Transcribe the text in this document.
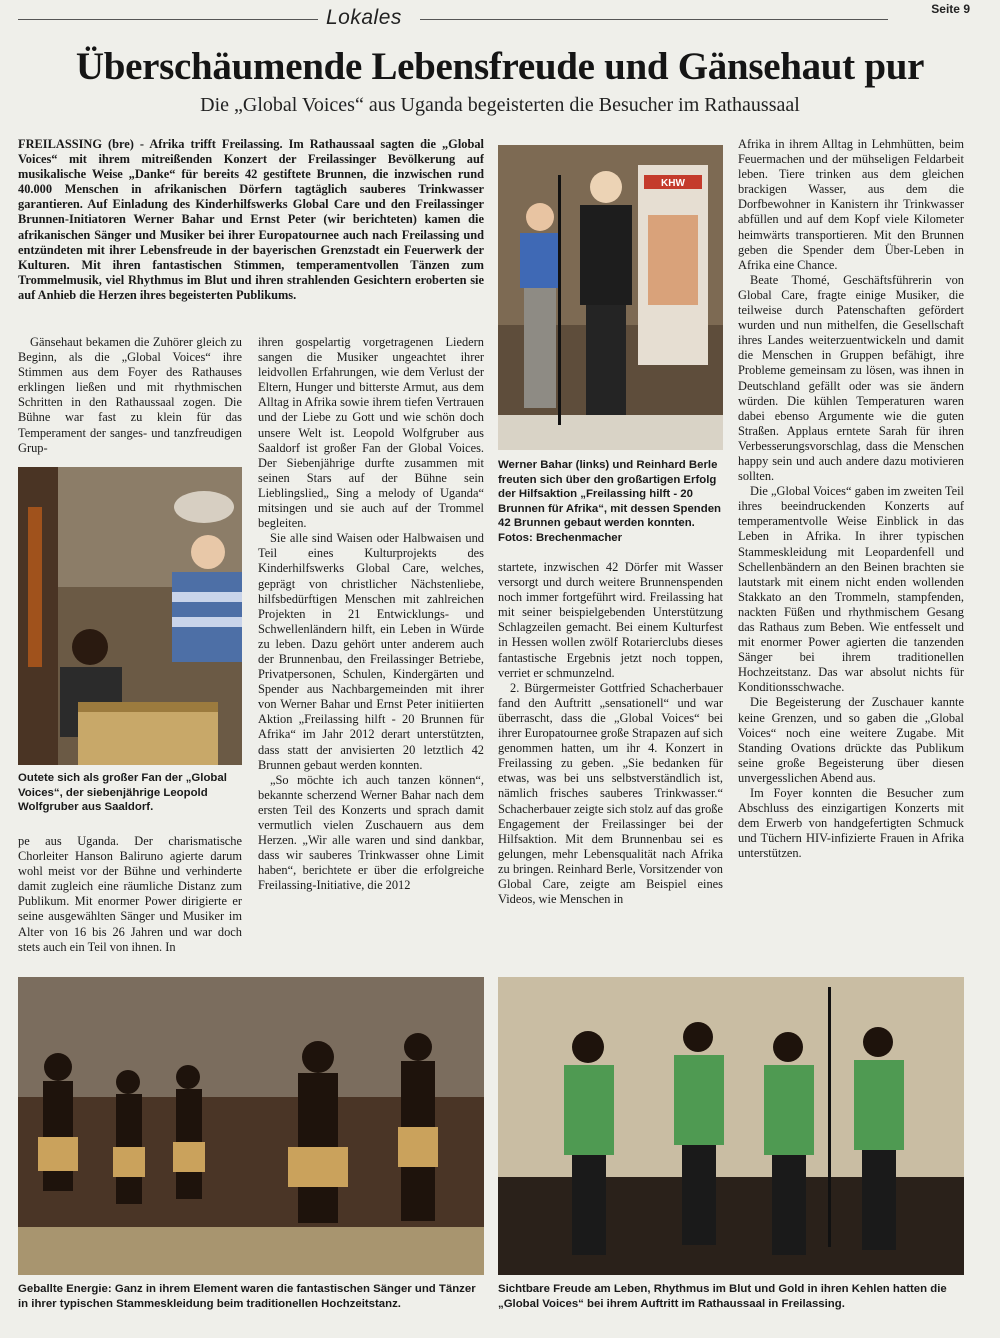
Lokales	Seite 9
Überschäumende Lebensfreude und Gänsehaut pur
Die „Global Voices“ aus Uganda begeisterten die Besucher im Rathaussaal

FREILASSING (bre) - Afrika trifft Freilassing. Im Rathaussaal sagten die „Global Voices“ mit ihrem mitreißenden Konzert der Freilassinger Bevölkerung auf musikalische Weise „Danke“ für bereits 42 gestiftete Brunnen, die inzwischen rund 40.000 Menschen in afrikanischen Dörfern tagtäglich sauberes Trinkwasser garantieren. Auf Einladung des Kinderhilfswerks Global Care und den Freilassinger Brunnen-Initiatoren Werner Bahar und Ernst Peter (wir berichteten) kamen die afrikanischen Sänger und Musiker bei ihrer Europatournee auch nach Freilassing und entzündeten mit ihrer Lebensfreude in der bayerischen Grenzstadt ein Feuerwerk der Kulturen. Mit ihren fantastischen Stimmen, temperamentvollen Tänzen zum Trommelmusik, viel Rhythmus im Blut und ihren strahlenden Gesichtern eroberten sie auf Anhieb die Herzen ihres begeisterten Publikums.

Gänsehaut bekamen die Zuhörer gleich zu Beginn, als die „Global Voices“ ihre Stimmen aus dem Foyer des Rathauses erklingen ließen und mit rhythmischen Schritten in den Rathaussaal zogen. Die Bühne war fast zu klein für das Temperament der sanges- und tanzfreudigen Grup-

Outete sich als großer Fan der „Global Voices“, der siebenjährige Leopold Wolfgruber aus Saaldorf.

pe aus Uganda. Der charismatische Chorleiter Hanson Baliruno agierte darum wohl meist vor der Bühne und verhinderte damit zugleich eine räumliche Distanz zum Publikum. Mit enormer Power dirigierte er seine ausgewählten Sänger und Musiker im Alter von 16 bis 26 Jahren und war doch stets auch ein Teil von ihnen. In

ihren gospelartig vorgetragenen Liedern sangen die Musiker ungeachtet ihrer leidvollen Erfahrungen, wie dem Verlust der Eltern, Hunger und bitterste Armut, aus dem Alltag in Afrika sowie ihrem tiefen Vertrauen und der Liebe zu Gott und wie schön doch unsere Welt ist. Leopold Wolfgruber aus Saaldorf ist großer Fan der Global Voices. Der Siebenjährige durfte zusammen mit seinen Stars auf der Bühne sein Lieblingslied„ Sing a melody of Uganda“ mitsingen und sie auch auf der Trommel begleiten.

Sie alle sind Waisen oder Halbwaisen und Teil eines Kulturprojekts des Kinderhilfswerks Global Care, welches, geprägt von christlicher Nächstenliebe, hilfsbedürftigen Menschen mit zahlreichen Projekten in 21 Entwicklungs- und Schwellenländern hilft, ein Leben in Würde zu leben. Dazu gehört unter anderem auch der Brunnenbau, den Freilassinger Betriebe, Privatpersonen, Schulen, Kindergärten und Spender aus Nachbargemeinden mit ihrer von Werner Bahar und Ernst Peter initiierten Aktion „Freilassing hilft - 20 Brunnen für Afrika“ im Jahr 2012 derart unterstützten, dass statt der anvisierten 20 letztlich 42 Brunnen gebaut werden konnten.

„So möchte ich auch tanzen können“, bekannte scherzend Werner Bahar nach dem ersten Teil des Konzerts und sprach damit vermutlich vielen Zuschauern aus dem Herzen. „Wir alle waren und sind dankbar, dass wir sauberes Trinkwasser ohne Limit haben“, berichtete er über die erfolgreiche Freilassing-Initiative, die 2012

KHW
Werner Bahar (links) und Reinhard Berle freuten sich über den großartigen Erfolg der Hilfsaktion „Freilassing hilft - 20 Brunnen für Afrika“, mit dessen Spenden 42 Brunnen gebaut werden konnten. Fotos: Brechenmacher

startete, inzwischen 42 Dörfer mit Wasser versorgt und durch weitere Brunnenspenden noch immer fortgeführt wird. Freilassing hat mit seiner beispielgebenden Unterstützung Schlagzeilen gemacht. Bei einem Kulturfest in Hessen wollen zwölf Rotarierclubs dieses fantastische Ergebnis jetzt noch toppen, verriet er schmunzelnd.

2. Bürgermeister Gottfried Schacherbauer fand den Auftritt „sensationell“ und war überrascht, dass die „Global Voices“ bei ihrer Europatournee große Strapazen auf sich genommen hatten, um ihr 4. Konzert in Freilassing zu geben. „Sie bedanken für etwas, was bei uns selbstverständlich ist, nämlich frisches sauberes Trinkwasser.“ Schacherbauer zeigte sich stolz auf das große Engagement der Freilassinger bei der Hilfsaktion. Mit dem Brunnenbau sei es gelungen, mehr Lebensqualität nach Afrika zu bringen. Reinhard Berle, Vorsitzender von Global Care, zeigte am Beispiel eines Videos, wie Menschen in

Afrika in ihrem Alltag in Lehmhütten, beim Feuermachen und der mühseligen Feldarbeit leben. Tiere trinken aus dem gleichen brackigen Wasser, aus dem die Dorfbewohner in Kanistern ihr Trinkwasser abfüllen und auf dem Kopf viele Kilometer heimwärts transportieren. Mit den Brunnen geben die Spender dem Über-Leben in Afrika eine Chance.

Beate Thomé, Geschäftsführerin von Global Care, fragte einige Musiker, die teilweise durch Patenschaften gefördert wurden und nun mithelfen, die Gesellschaft ihres Landes weiterzuentwickeln und damit die Menschen in Gruppen befähigt, ihre Probleme gemeinsam zu lösen, was ihnen in Deutschland gefällt oder was sie ändern würden. Die kühlen Temperaturen waren dabei ebenso Argumente wie die guten Straßen. Applaus erntete Sarah für ihren Verbesserungsvorschlag, dass die Menschen happy sein und auch andere dazu motivieren sollten.

Die „Global Voices“ gaben im zweiten Teil ihres beeindruckenden Konzerts auf temperamentvolle Weise Einblick in das Leben in Afrika. In ihrer typischen Stammeskleidung mit Leopardenfell und Schellenbändern an den Beinen brachten sie lautstark mit einem nicht enden wollenden Stakkato an den Trommeln, stampfenden, nackten Füßen und rhythmischem Gesang das Rathaus zum Beben. Wie entfesselt und mit enormer Power agierten die tanzenden Sänger bei ihrem traditionellen Hochzeitstanz. Das war absolut nichts für Konditionsschwache.

Die Begeisterung der Zuschauer kannte keine Grenzen, und so gaben die „Global Voices“ noch eine weitere Zugabe. Mit Standing Ovations drückte das Publikum seine große Begeisterung über diesen unvergesslichen Abend aus.

Im Foyer konnten die Besucher zum Abschluss des einzigartigen Konzerts mit dem Erwerb von handgefertigten Schmuck und Tüchern HIV-infizierte Frauen in Afrika unterstützen.

Geballte Energie: Ganz in ihrem Element waren die fantastischen Sänger und Tänzer in ihrer typischen Stammeskleidung beim traditionellen Hochzeitstanz.
Sichtbare Freude am Leben, Rhythmus im Blut und Gold in ihren Kehlen hatten die „Global Voices“ bei ihrem Auftritt im Rathaussaal in Freilassing.
